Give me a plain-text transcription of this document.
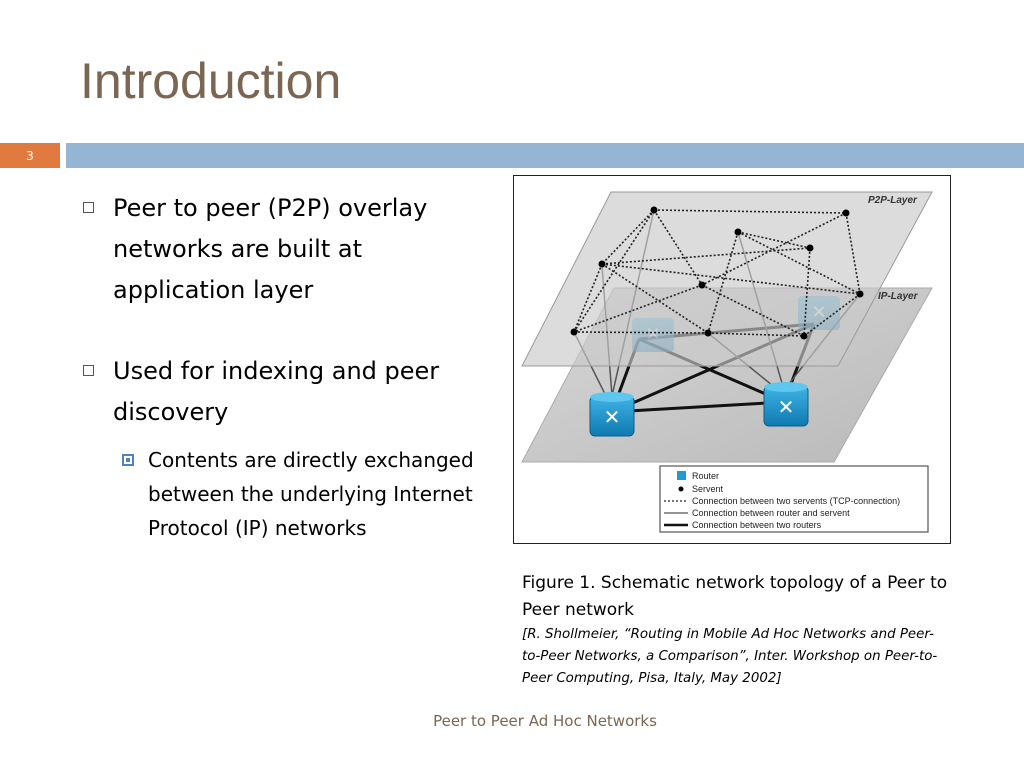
Introduction
3
Peer to peer (P2P) overlay networks are built at application layer
Used for indexing and peer discovery
Contents are directly exchanged between the underlying Internet Protocol (IP) networks
IP-Layer
P2P-Layer
✕	✕
Router
Servent
Connection between two servents (TCP-connection)
Connection between router and servent
Connection between two routers
Figure 1. Schematic network topology of a Peer to Peer network
[R. Shollmeier, “Routing in Mobile Ad Hoc Networks and Peer-to-Peer Networks, a Comparison”, Inter. Workshop on Peer-to-Peer Computing, Pisa, Italy, May 2002]
Peer to Peer Ad Hoc Networks
